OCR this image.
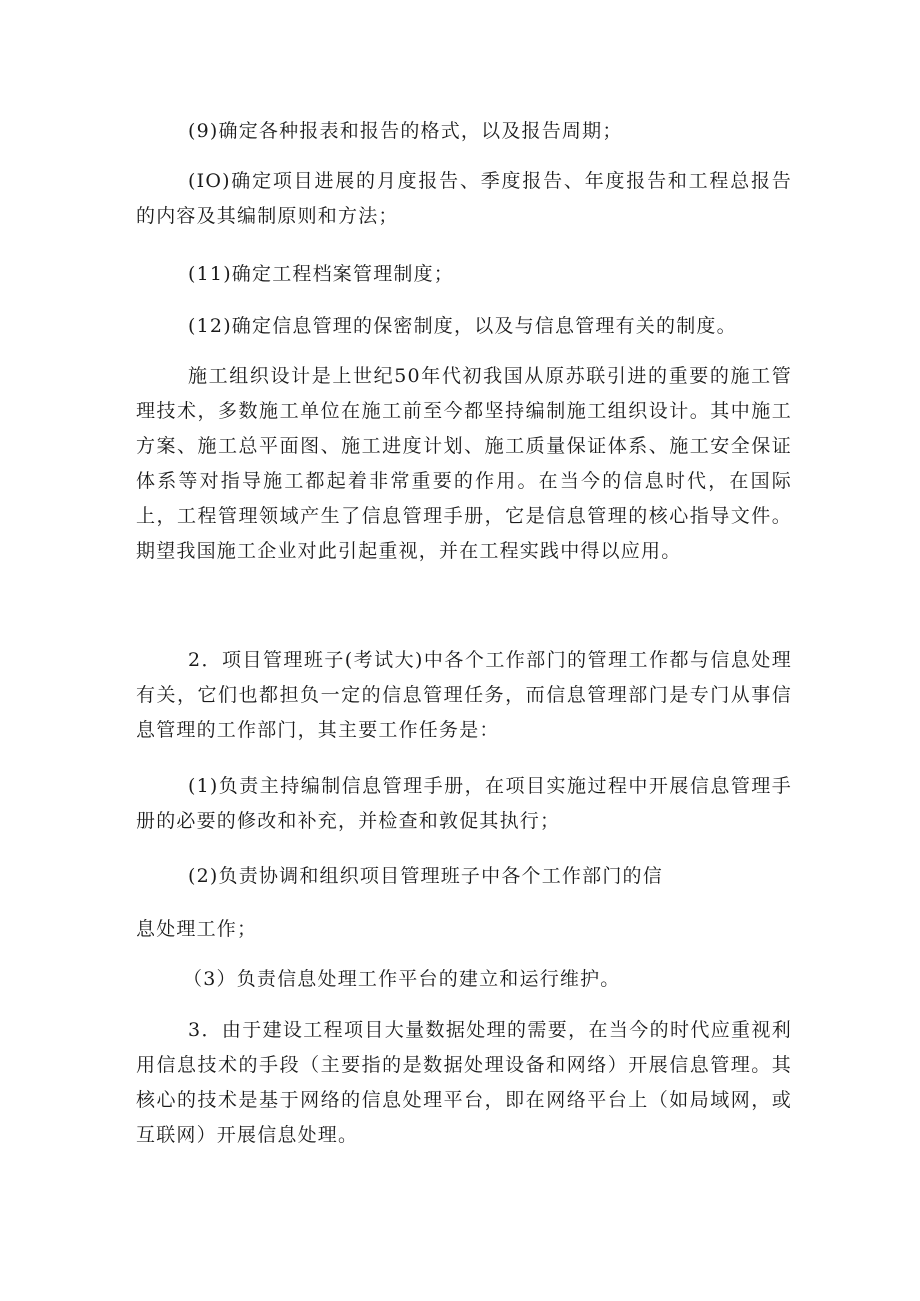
(9)确定各种报表和报告的格式，以及报告周期；

(IO)确定项目进展的月度报告、季度报告、年度报告和工程总报告的内容及其编制原则和方法；

(11)确定工程档案管理制度；

(12)确定信息管理的保密制度，以及与信息管理有关的制度。

施工组织设计是上世纪50年代初我国从原苏联引进的重要的施工管理技术，多数施工单位在施工前至今都坚持编制施工组织设计。其中施工方案、施工总平面图、施工进度计划、施工质量保证体系、施工安全保证体系等对指导施工都起着非常重要的作用。在当今的信息时代，在国际上，工程管理领域产生了信息管理手册，它是信息管理的核心指导文件。期望我国施工企业对此引起重视，并在工程实践中得以应用。

2．项目管理班子(考试大)中各个工作部门的管理工作都与信息处理有关，它们也都担负一定的信息管理任务，而信息管理部门是专门从事信息管理的工作部门，其主要工作任务是：

(1)负责主持编制信息管理手册，在项目实施过程中开展信息管理手册的必要的修改和补充，并检查和敦促其执行；

(2)负责协调和组织项目管理班子中各个工作部门的信

息处理工作；

（3）负责信息处理工作平台的建立和运行维护。

3．由于建设工程项目大量数据处理的需要，在当今的时代应重视利用信息技术的手段（主要指的是数据处理设备和网络）开展信息管理。其核心的技术是基于网络的信息处理平台，即在网络平台上（如局域网，或互联网）开展信息处理。
